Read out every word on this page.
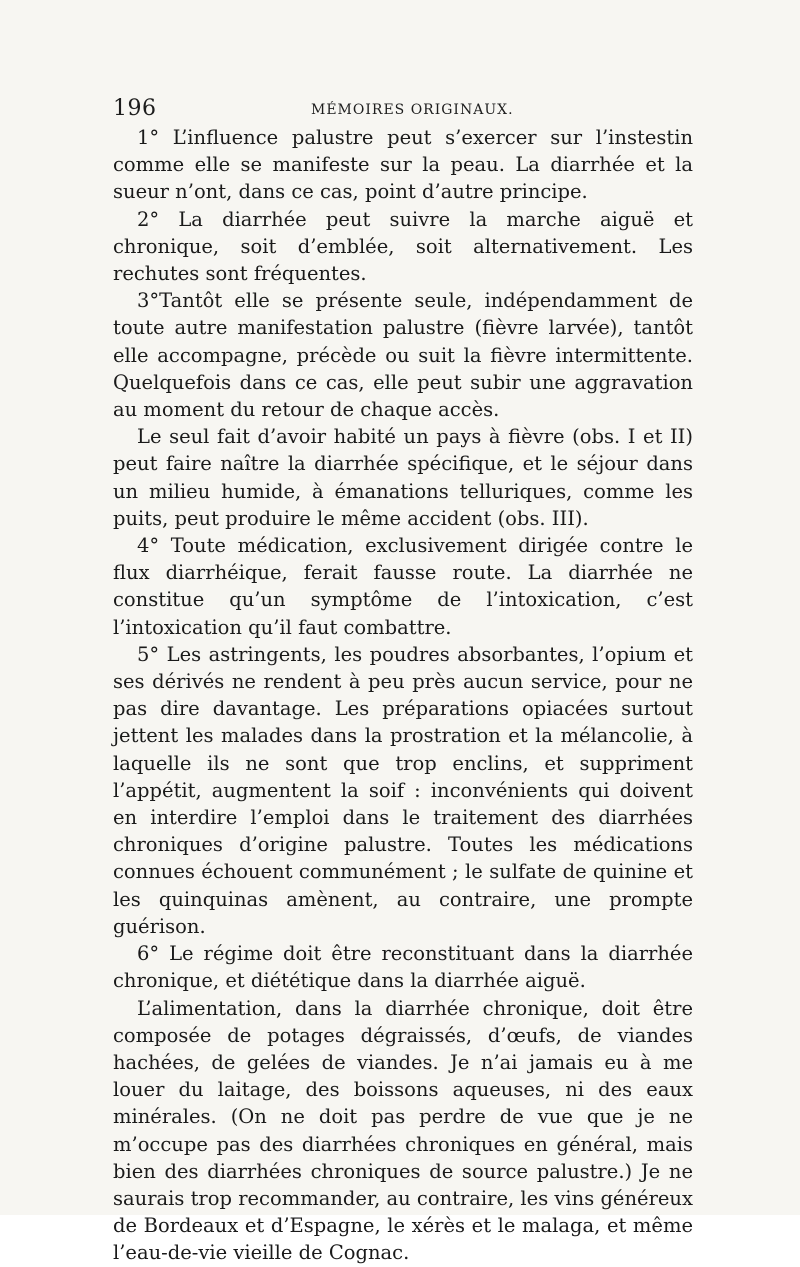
196	MÉMOIRES ORIGINAUX.

1° L’influence palustre peut s’exercer sur l’instestin comme elle se manifeste sur la peau. La diarrhée et la sueur n’ont, dans ce cas, point d’autre principe.

2° La diarrhée peut suivre la marche aiguë et chronique, soit d’emblée, soit alternativement. Les rechutes sont fréquentes.

3°Tantôt elle se présente seule, indépendamment de toute autre manifestation palustre (fièvre larvée), tantôt elle accompagne, précède ou suit la fièvre intermittente. Quelquefois dans ce cas, elle peut subir une aggravation au moment du retour de chaque accès.

Le seul fait d’avoir habité un pays à fièvre (obs. I et II) peut faire naître la diarrhée spécifique, et le séjour dans un milieu humide, à émanations telluriques, comme les puits, peut produire le même accident (obs. III).

4° Toute médication, exclusivement dirigée contre le flux diarrhéique, ferait fausse route. La diarrhée ne constitue qu’un symptôme de l’intoxication, c’est l’intoxication qu’il faut combattre.

5° Les astringents, les poudres absorbantes, l’opium et ses dérivés ne rendent à peu près aucun service, pour ne pas dire davantage. Les préparations opiacées surtout jettent les malades dans la prostration et la mélancolie, à laquelle ils ne sont que trop enclins, et suppriment l’appétit, augmentent la soif : inconvénients qui doivent en interdire l’emploi dans le traitement des diarrhées chroniques d’origine palustre. Toutes les médications connues échouent communément ; le sulfate de quinine et les quinquinas amènent, au contraire, une prompte guérison.

6° Le régime doit être reconstituant dans la diarrhée chronique, et diététique dans la diarrhée aiguë.

L’alimentation, dans la diarrhée chronique, doit être composée de potages dégraissés, d’œufs, de viandes hachées, de gelées de viandes. Je n’ai jamais eu à me louer du laitage, des boissons aqueuses, ni des eaux minérales. (On ne doit pas perdre de vue que je ne m’occupe pas des diarrhées chroniques en général, mais bien des diarrhées chroniques de source palustre.) Je ne saurais trop recommander, au contraire, les vins généreux de Bordeaux et d’Espagne, le xérès et le malaga, et même l’eau-de-vie vieille de Cognac.
